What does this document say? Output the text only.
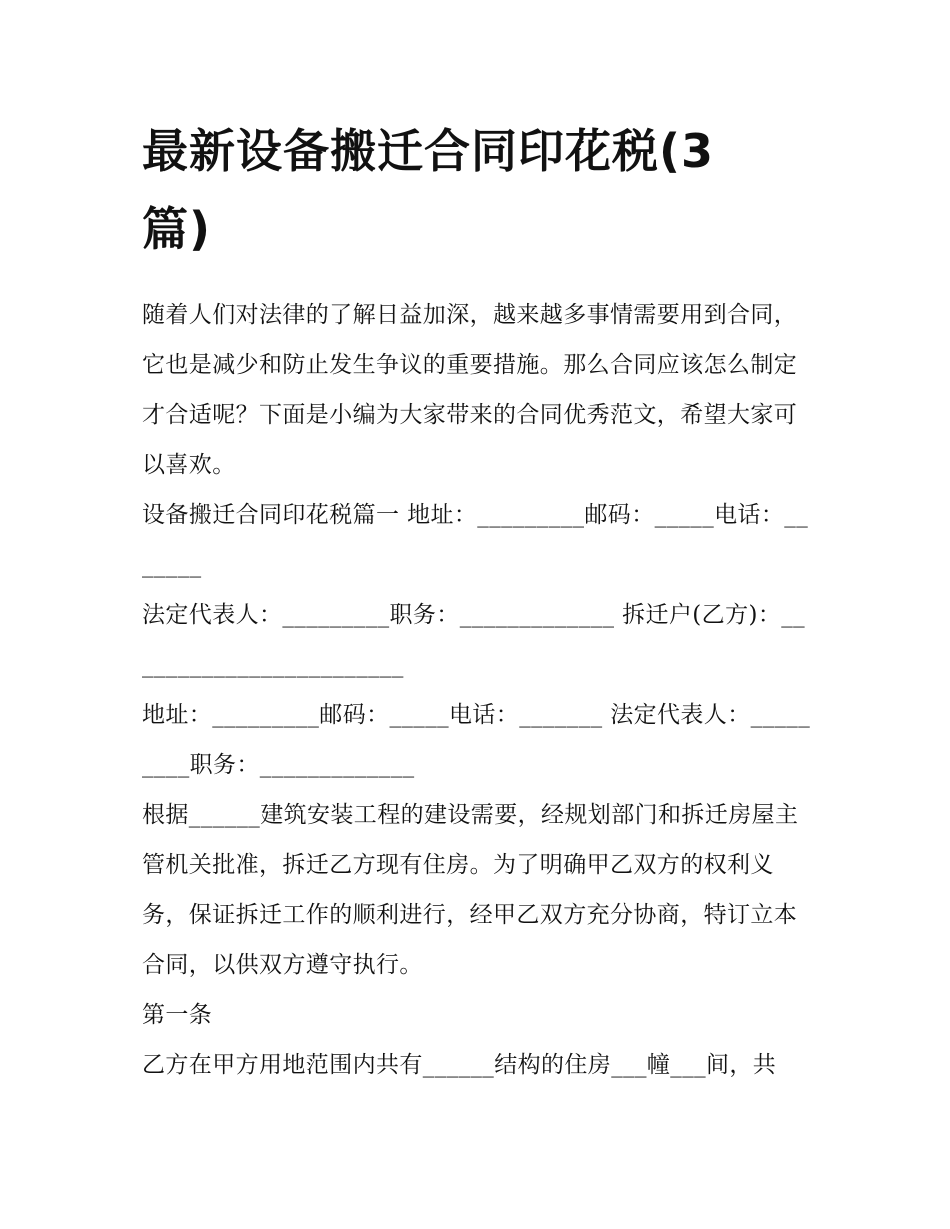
最新设备搬迁合同印花税(3篇)

随着人们对法律的了解日益加深，越来越多事情需要用到合同，它也是减少和防止发生争议的重要措施。那么合同应该怎么制定才合适呢？下面是小编为大家带来的合同优秀范文，希望大家可以喜欢。

设备搬迁合同印花税篇一 地址：_________邮码：_____电话：_______

法定代表人：_________职务：_____________ 拆迁户(乙方)：________________________

地址：_________邮码：_____电话：_______ 法定代表人：_________职务：_____________

根据______建筑安装工程的建设需要，经规划部门和拆迁房屋主管机关批准，拆迁乙方现有住房。为了明确甲乙双方的权利义务，保证拆迁工作的顺利进行，经甲乙双方充分协商，特订立本合同，以供双方遵守执行。

第一条

乙方在甲方用地范围内共有______结构的住房___幢___间，共
